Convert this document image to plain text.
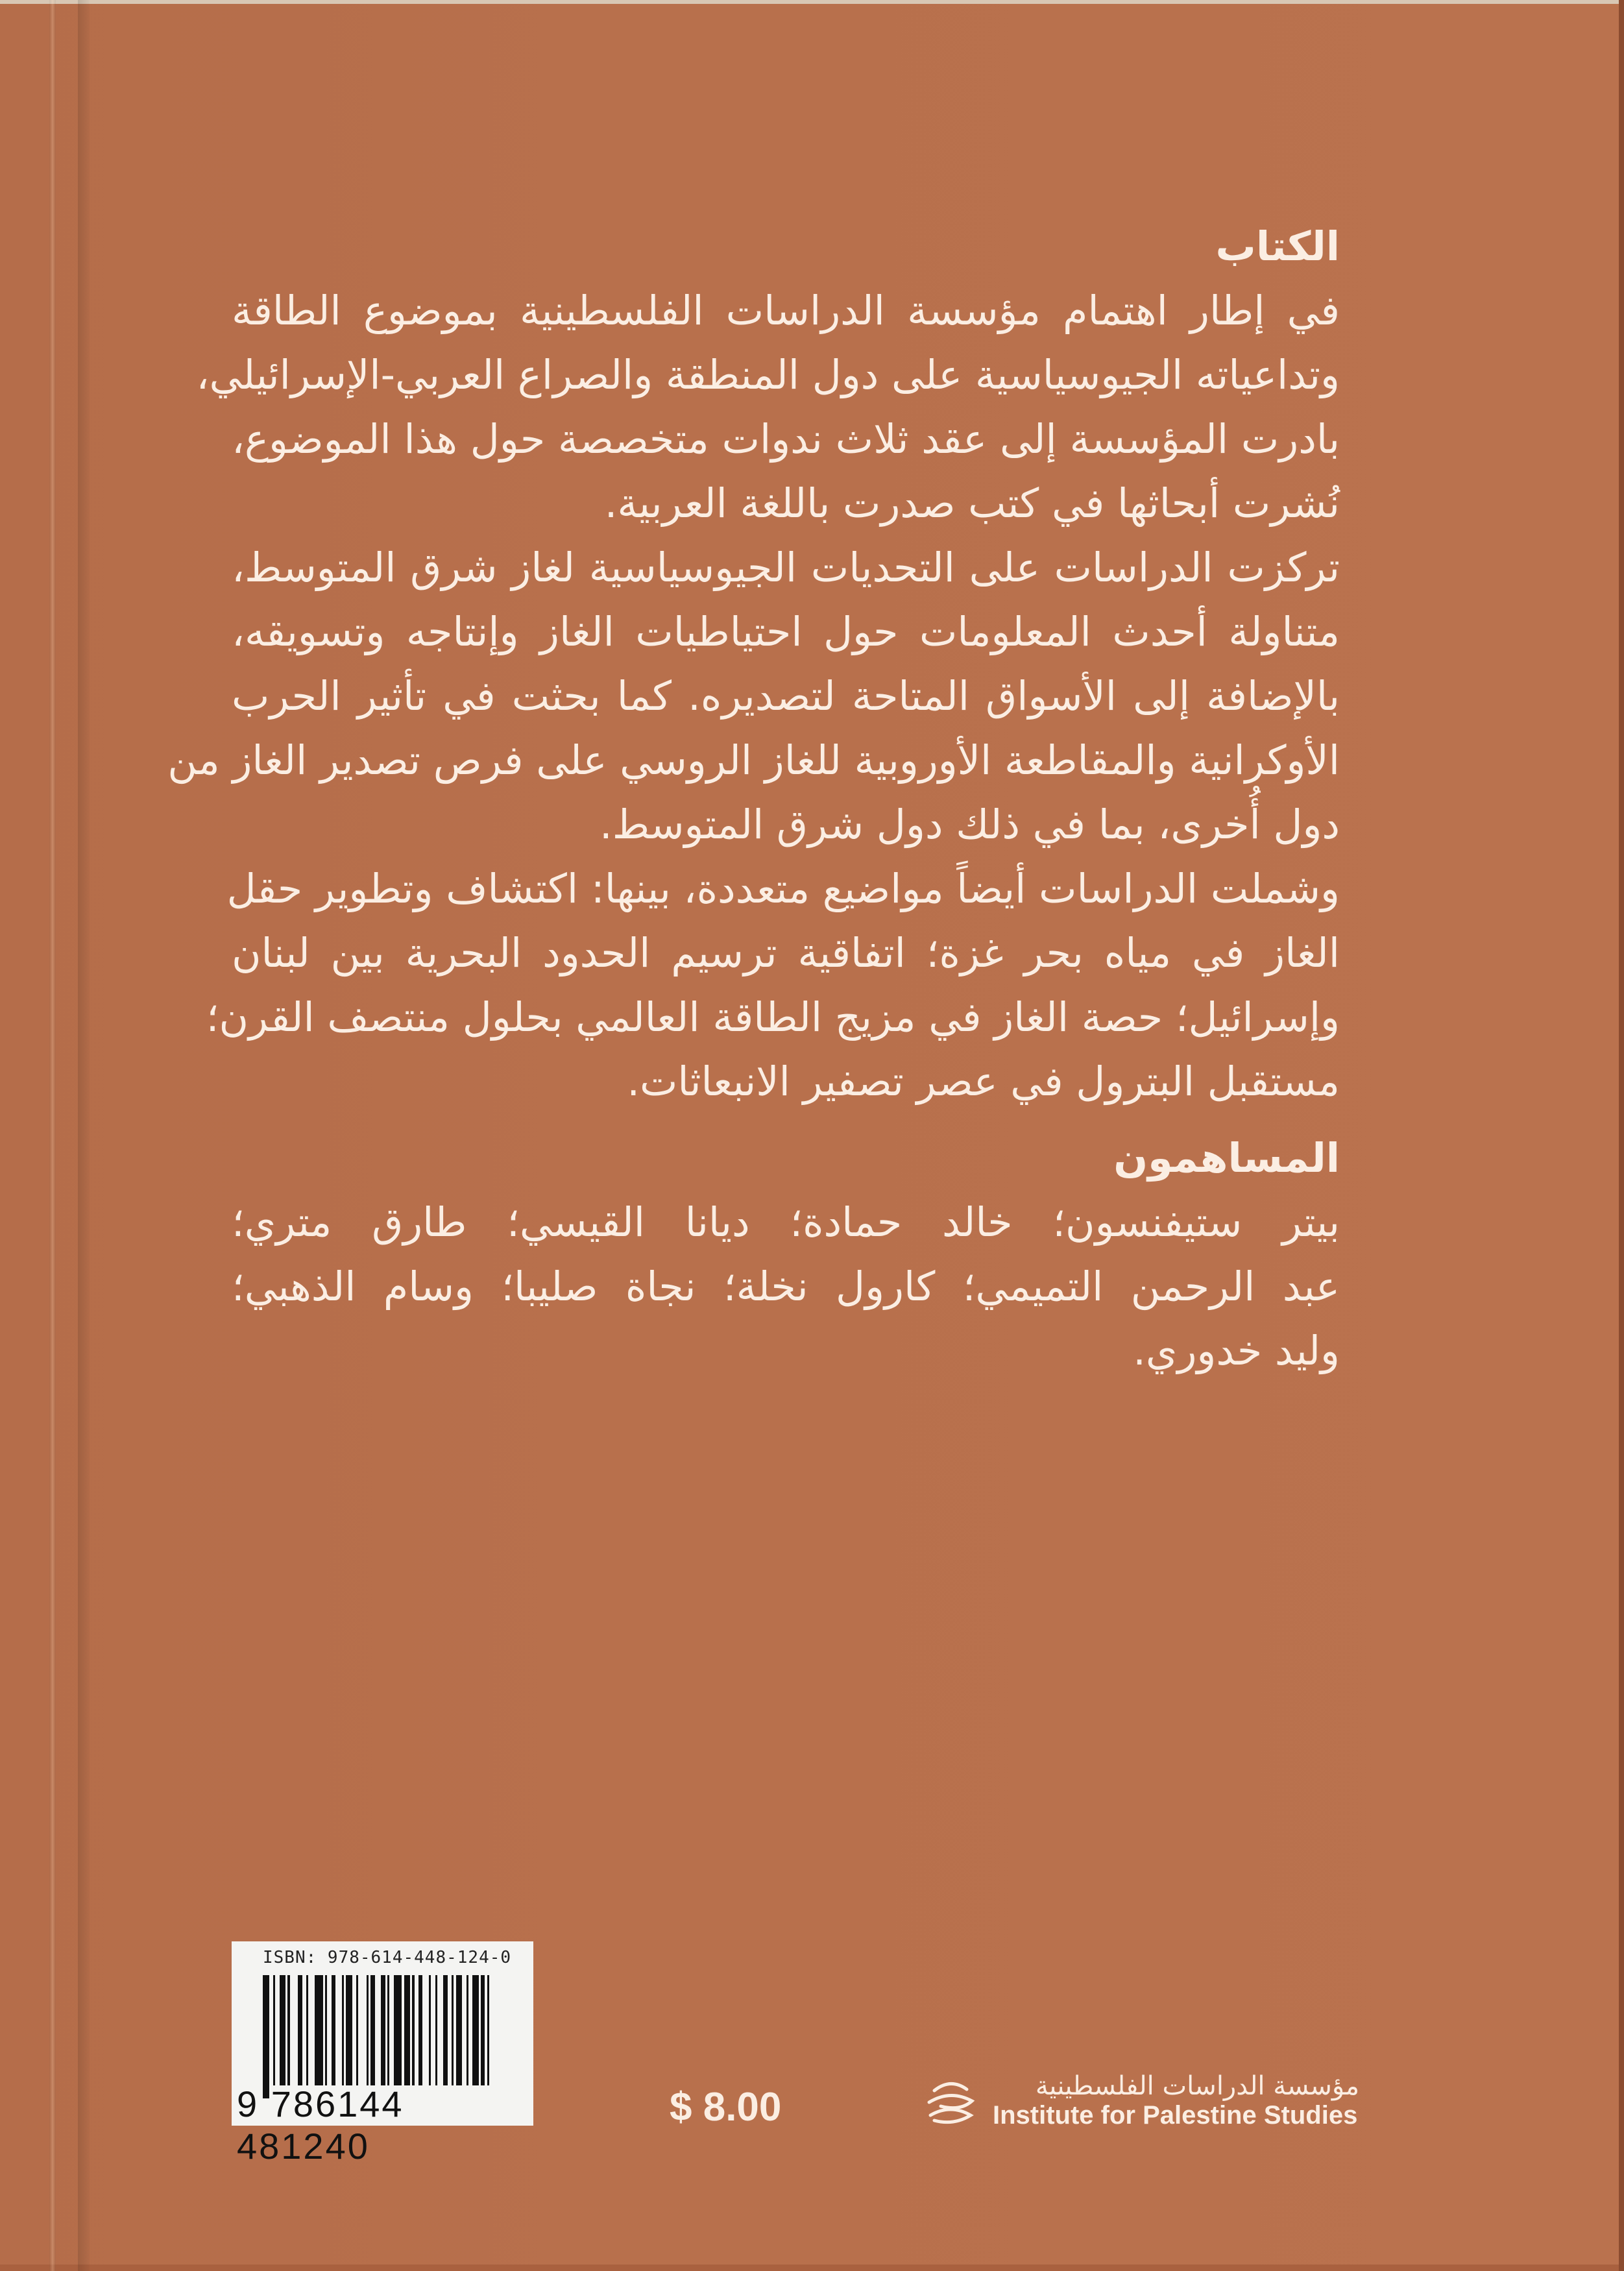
الكتاب
في إطار اهتمام مؤسسة الدراسات الفلسطينية بموضوع الطاقة
وتداعياته الجيوسياسية على دول المنطقة والصراع العربي-الإسرائيلي،
بادرت المؤسسة إلى عقد ثلاث ندوات متخصصة حول هذا الموضوع،
نُشرت أبحاثها في كتب صدرت باللغة العربية.
تركزت الدراسات على التحديات الجيوسياسية لغاز شرق المتوسط،
متناولة أحدث المعلومات حول احتياطيات الغاز وإنتاجه وتسويقه،
بالإضافة إلى الأسواق المتاحة لتصديره. كما بحثت في تأثير الحرب
الأوكرانية والمقاطعة الأوروبية للغاز الروسي على فرص تصدير الغاز من
دول أُخرى، بما في ذلك دول شرق المتوسط.
وشملت الدراسات أيضاً مواضيع متعددة، بينها: اكتشاف وتطوير حقل
الغاز في مياه بحر غزة؛ اتفاقية ترسيم الحدود البحرية بين لبنان
وإسرائيل؛ حصة الغاز في مزيج الطاقة العالمي بحلول منتصف القرن؛
مستقبل البترول في عصر تصفير الانبعاثات.
المساهمون
بيتر ستيفنسون؛ خالد حمادة؛ ديانا القيسي؛ طارق متري؛
عبد الرحمن التميمي؛ كارول نخلة؛ نجاة صليبا؛ وسام الذهبي؛
وليد خدوري.
ISBN: 978-614-448-124-0
9 786144 481240
$ 8.00	مؤسسة الدراسات الفلسطينية
Institute for Palestine Studies
